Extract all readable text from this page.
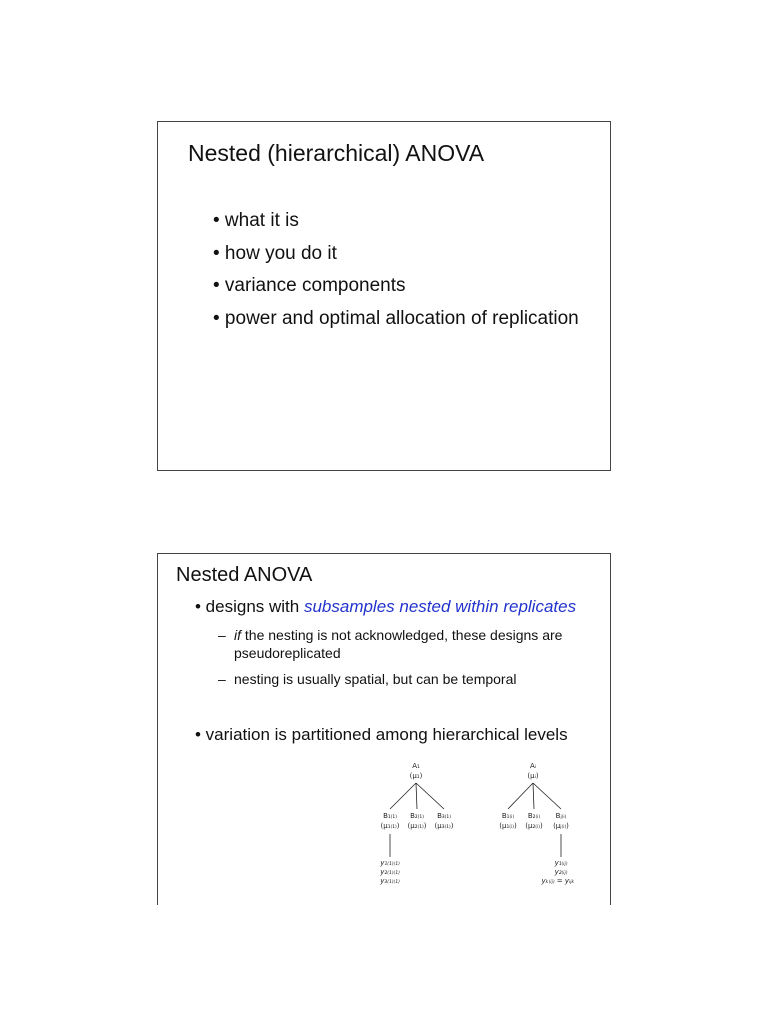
Nested (hierarchical) ANOVA
• what it is
• how you do it
• variance components
• power and optimal allocation of replication
Nested ANOVA
• designs with subsamples nested within replicates
– if the nesting is not acknowledged, these designs are
pseudoreplicated
– nesting is usually spatial, but can be temporal
• variation is partitioned among hierarchical levels
A₁
(μ₁)
B₁₍₁₎ B₂₍₁₎ B₃₍₁₎
(μ₁₍₁₎) (μ₂₍₁₎) (μ₃₍₁₎)
y₁₍₁₎₍₁₎
y₂₍₁₎₍₁₎
y₃₍₁₎₍₁₎
Aᵢ
(μᵢ)
B₁₍ᵢ₎ B₂₍ᵢ₎ Bⱼ₍ᵢ₎
(μ₁₍ᵢ₎) (μ₂₍ᵢ₎) (μⱼ₍ᵢ₎)
y₁₍ᵢⱼ₎
y₂₍ᵢⱼ₎
yₖ₍ᵢⱼ₎ = yᵢⱼₖ
